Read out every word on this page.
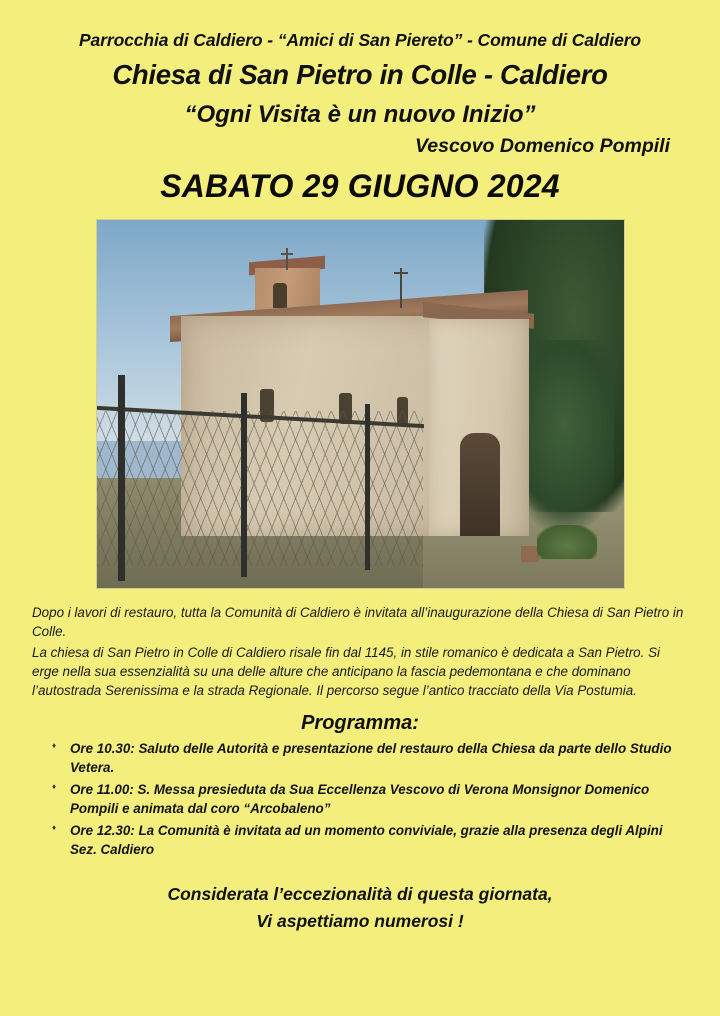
Parrocchia di Caldiero - “Amici di San Piereto” - Comune di Caldiero
Chiesa di San Pietro in Colle - Caldiero
“Ogni Visita è un nuovo Inizio”
Vescovo Domenico Pompili
SABATO 29 GIUGNO 2024

Dopo i lavori di restauro, tutta la Comunità di Caldiero è invitata all’inaugurazione della Chiesa di San Pietro in Colle.

La chiesa di San Pietro in Colle di Caldiero risale fin dal 1145, in stile romanico è dedicata a San Pietro. Si erge nella sua essenzialità su una delle alture che anticipano la fascia pedemontana e che dominano l’autostrada Serenissima e la strada Regionale. Il percorso segue l’antico tracciato della Via Postumia.

Programma:
♦ Ore 10.30: Saluto delle Autorità e presentazione del restauro della Chiesa da parte dello Studio Vetera.
♦ Ore 11.00: S. Messa presieduta da Sua Eccellenza Vescovo di Verona Monsignor Domenico Pompili e animata dal coro “Arcobaleno”
♦ Ore 12.30: La Comunità è invitata ad un momento conviviale, grazie alla presenza degli Alpini Sez. Caldiero
Considerata l’eccezionalità di questa giornata,
Vi aspettiamo numerosi !
